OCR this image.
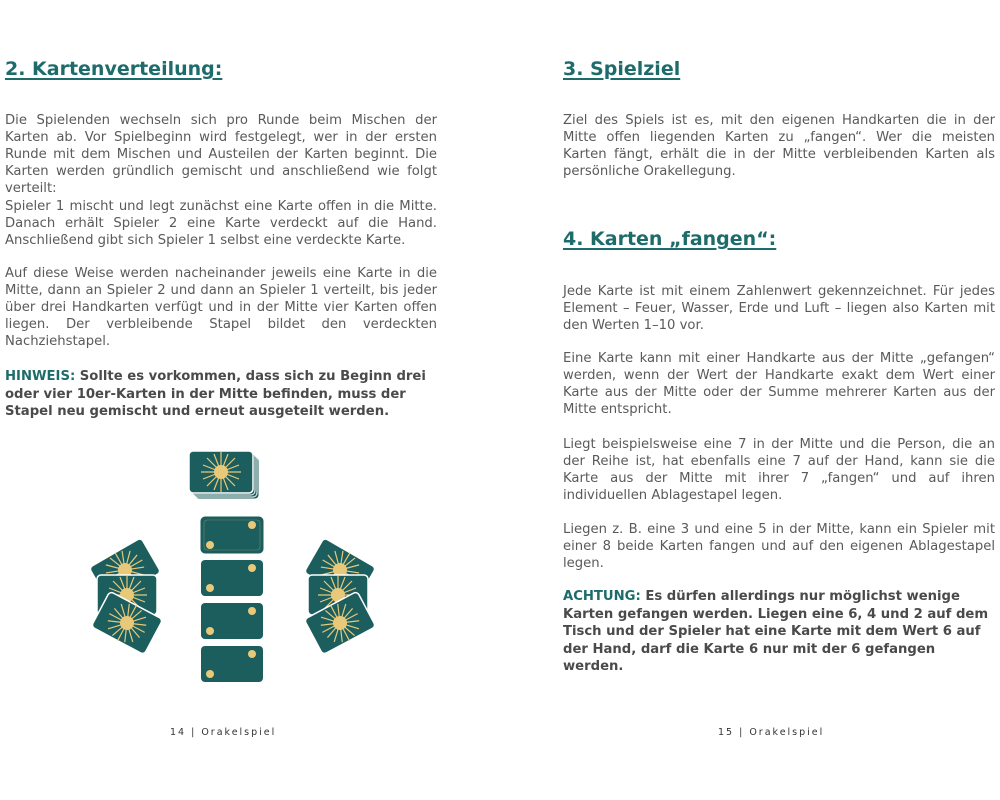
2. Kartenverteilung:

Die Spielenden wechseln sich pro Runde beim Mischen der Karten ab. Vor Spielbeginn wird festgelegt, wer in der ersten Runde mit dem Mischen und Austeilen der Karten beginnt. Die Karten werden gründlich gemischt und anschließend wie folgt verteilt:

Spieler 1 mischt und legt zunächst eine Karte offen in die Mitte. Danach erhält Spieler 2 eine Karte verdeckt auf die Hand. Anschließend gibt sich Spieler 1 selbst eine verdeckte Karte.

Auf diese Weise werden nacheinander jeweils eine Karte in die Mitte, dann an Spieler 2 und dann an Spieler 1 verteilt, bis jeder über drei Handkarten verfügt und in der Mitte vier Karten offen liegen. Der verbleibende Stapel bildet den verdeckten Nachziehstapel.

HINWEIS: Sollte es vorkommen, dass sich zu Beginn drei oder vier 10er-Karten in der Mitte befinden, muss der Stapel neu gemischt und erneut ausgeteilt werden.

14 | Orakelspiel
3. Spielziel

Ziel des Spiels ist es, mit den eigenen Handkarten die in der Mitte offen liegenden Karten zu „fangen“. Wer die meisten Karten fängt, erhält die in der Mitte verbleibenden Karten als persönliche Orakellegung.

4. Karten „fangen“:

Jede Karte ist mit einem Zahlenwert gekennzeichnet. Für jedes Element – Feuer, Wasser, Erde und Luft – liegen also Karten mit den Werten 1–10 vor.

Eine Karte kann mit einer Handkarte aus der Mitte „gefangen“ werden, wenn der Wert der Handkarte exakt dem Wert einer Karte aus der Mitte oder der Summe mehrerer Karten aus der Mitte entspricht.

Liegt beispielsweise eine 7 in der Mitte und die Person, die an der Reihe ist, hat ebenfalls eine 7 auf der Hand, kann sie die Karte aus der Mitte mit ihrer 7 „fangen“ und auf ihren individuellen Ablagestapel legen.

Liegen z. B. eine 3 und eine 5 in der Mitte, kann ein Spieler mit einer 8 beide Karten fangen und auf den eigenen Ablagestapel legen.

ACHTUNG: Es dürfen allerdings nur möglichst wenige Karten gefangen werden. Liegen eine 6, 4 und 2 auf dem Tisch und der Spieler hat eine Karte mit dem Wert 6 auf der Hand, darf die Karte 6 nur mit der 6 gefangen werden.

15 | Orakelspiel
